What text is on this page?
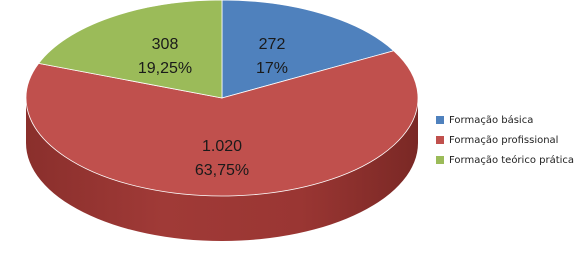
272
17%
1.020
63,75%
308
19,25%
Formação básica
Formação profissional
Formação teórico prática
